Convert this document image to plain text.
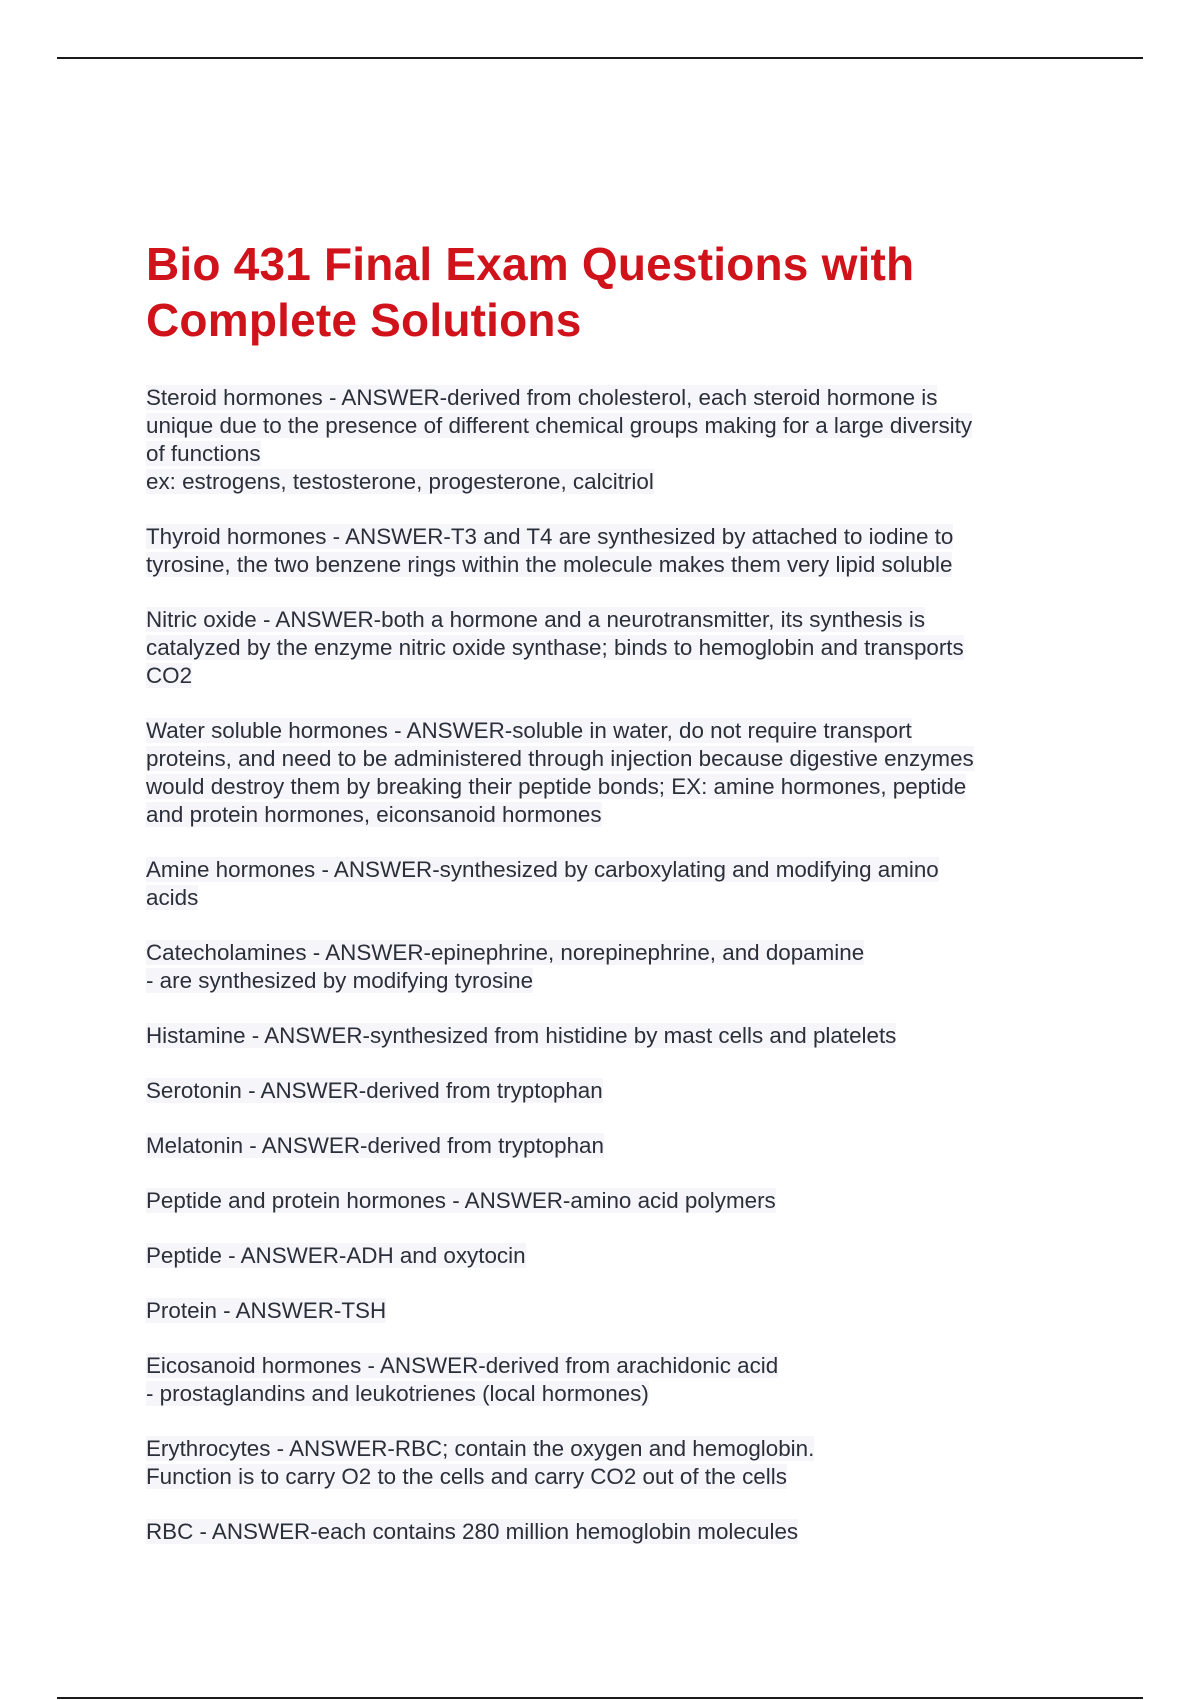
Bio 431 Final Exam Questions with
Complete Solutions
Steroid hormones - ANSWER-derived from cholesterol, each steroid hormone is
unique due to the presence of different chemical groups making for a large diversity
of functions
ex: estrogens, testosterone, progesterone, calcitriol
Thyroid hormones - ANSWER-T3 and T4 are synthesized by attached to iodine to
tyrosine, the two benzene rings within the molecule makes them very lipid soluble
Nitric oxide - ANSWER-both a hormone and a neurotransmitter, its synthesis is
catalyzed by the enzyme nitric oxide synthase; binds to hemoglobin and transports
CO2
Water soluble hormones - ANSWER-soluble in water, do not require transport
proteins, and need to be administered through injection because digestive enzymes
would destroy them by breaking their peptide bonds; EX: amine hormones, peptide
and protein hormones, eiconsanoid hormones
Amine hormones - ANSWER-synthesized by carboxylating and modifying amino
acids
Catecholamines - ANSWER-epinephrine, norepinephrine, and dopamine
- are synthesized by modifying tyrosine
Histamine - ANSWER-synthesized from histidine by mast cells and platelets
Serotonin - ANSWER-derived from tryptophan
Melatonin - ANSWER-derived from tryptophan
Peptide and protein hormones - ANSWER-amino acid polymers
Peptide - ANSWER-ADH and oxytocin
Protein - ANSWER-TSH
Eicosanoid hormones - ANSWER-derived from arachidonic acid
- prostaglandins and leukotrienes (local hormones)
Erythrocytes - ANSWER-RBC; contain the oxygen and hemoglobin.
Function is to carry O2 to the cells and carry CO2 out of the cells
RBC - ANSWER-each contains 280 million hemoglobin molecules
